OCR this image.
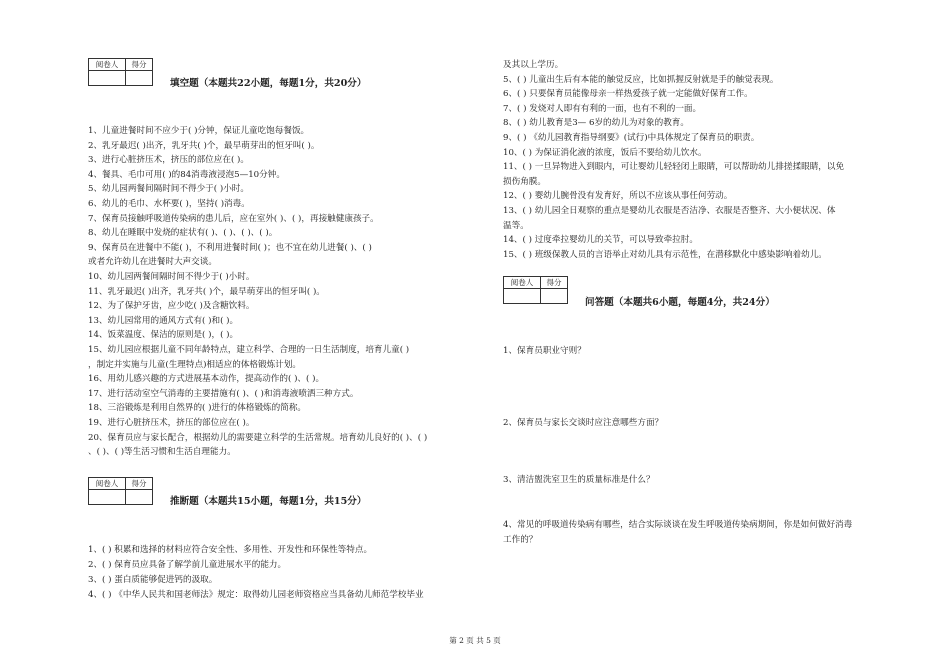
阅卷人	得分

填空题（本题共22小题，每题1分，共20分）
1、儿童进餐时间不应少于( )分钟，保证儿童吃饱每餐饭。
2、乳牙最迟( )出齐，乳牙共( )个，最早萌芽出的恒牙叫( )。
3、进行心脏挤压术，挤压的部位应在( )。
4、餐具、毛巾可用( )的84消毒液浸泡5—10分钟。
5、幼儿园两餐间隔时间不得少于( )小时。
6、幼儿的毛巾、水杯要( )，坚持( )消毒。
7、保育员接触呼吸道传染病的患儿后，应在室外( )、( )，再接触健康孩子。
8、幼儿在睡眠中发烧的症状有( )、( )、( )、( )。
9、保育员在进餐中不能( )，不利用进餐时间( )；也不宜在幼儿进餐( )、( )
或者允许幼儿在进餐时大声交谈。
10、幼儿园两餐间隔时间不得少于( )小时。
11、乳牙最迟( )出齐，乳牙共( )个，最早萌芽出的恒牙叫( )。
12、为了保护牙齿，应少吃( )及含糖饮料。
13、幼儿园常用的通风方式有( )和( )。
14、饭菜温度、保洁的原则是( )，( )。
15、幼儿园应根据儿童不同年龄特点，建立科学、合理的一日生活制度，培育儿童( )
，制定并实施与儿童(生理特点)相适应的体格锻炼计划。
16、用幼儿感兴趣的方式进展基本动作，提高动作的( )、( )。
17、进行活动室空气消毒的主要措施有( )、( )和消毒液喷洒三种方式。
18、三浴锻炼是利用自然界的( )进行的体格锻炼的简称。
19、进行心脏挤压术，挤压的部位应在( )。
20、保育员应与家长配合，根据幼儿的需要建立科学的生活常规。培育幼儿良好的( )、( )
、( )、( )等生活习惯和生活自理能力。
阅卷人	得分

推断题（本题共15小题，每题1分，共15分）
1、( ) 积累和选择的材料应符合安全性、多用性、开发性和环保性等特点。
2、( ) 保育员应具备了解学前儿童进展水平的能力。
3、( ) 蛋白质能够促进钙的汲取。
4、( ) 《中华人民共和国老师法》规定：取得幼儿园老师资格应当具备幼儿师范学校毕业
及其以上学历。
5、( ) 儿童出生后有本能的触觉反应，比如抓握反射就是手的触觉表现。
6、( ) 只要保育员能像母亲一样热爱孩子就一定能做好保育工作。
7、( ) 发烧对人即有有利的一面，也有不利的一面。
8、( ) 幼儿教育是3— 6岁的幼儿为对象的教育。
9、( ) 《幼儿园教育指导纲要》(试行)中具体规定了保育员的职责。
10、( ) 为保证消化液的浓度，饭后不要给幼儿饮水。
11、( ) 一旦异物进入到眼内，可让婴幼儿轻轻闭上眼睛，可以帮助幼儿排搓揉眼睛，以免
损伤角膜。
12、( ) 婴幼儿腕骨没有发育好，所以不应该从事任何劳动。
13、( ) 幼儿园全日观察的重点是婴幼儿衣服是否洁净、衣服是否整齐、大小便状况、体
温等。
14、( ) 过度牵拉婴幼儿的关节，可以导致牵拉肘。
15、( ) 班级保教人员的言语举止对幼儿具有示范性，在潜移默化中感染影响着幼儿。
阅卷人	得分

问答题（本题共6小题，每题4分，共24分）
1、保育员职业守则？
2、保育员与家长交谈时应注意哪些方面？
3、清洁盥洗室卫生的质量标准是什么？
4、常见的呼吸道传染病有哪些，结合实际谈谈在发生呼吸道传染病期间，你是如何做好消毒
工作的？
第 2 页 共 5 页
